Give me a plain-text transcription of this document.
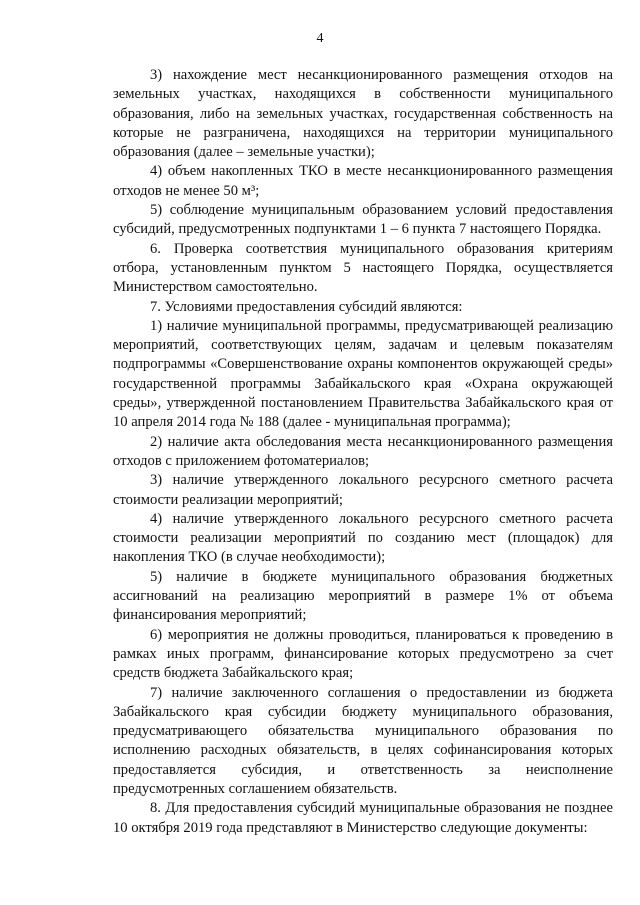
4

3) нахождение мест несанкционированного размещения отходов на земельных участках, находящихся в собственности муниципального образования, либо на земельных участках, государственная собственность на которые не разграничена, находящихся на территории муниципального образования (далее – земельные участки);

4) объем накопленных ТКО в месте несанкционированного размещения отходов не менее 50 м³;

5) соблюдение муниципальным образованием условий предоставления субсидий, предусмотренных подпунктами 1 – 6 пункта 7 настоящего Порядка.

6. Проверка соответствия муниципального образования критериям отбора, установленным пунктом 5 настоящего Порядка, осуществляется Министерством самостоятельно.

7. Условиями предоставления субсидий являются:

1) наличие муниципальной программы, предусматривающей реализацию мероприятий, соответствующих целям, задачам и целевым показателям подпрограммы «Совершенствование охраны компонентов окружающей среды» государственной программы Забайкальского края «Охрана окружающей среды», утвержденной постановлением Правительства Забайкальского края от 10 апреля 2014 года № 188 (далее - муниципальная программа);

2) наличие акта обследования места несанкционированного размещения отходов с приложением фотоматериалов;

3) наличие утвержденного локального ресурсного сметного расчета стоимости реализации мероприятий;

4) наличие утвержденного локального ресурсного сметного расчета стоимости реализации мероприятий по созданию мест (площадок) для накопления ТКО (в случае необходимости);

5) наличие в бюджете муниципального образования бюджетных ассигнований на реализацию мероприятий в размере 1% от объема финансирования мероприятий;

6) мероприятия не должны проводиться, планироваться к проведению в рамках иных программ, финансирование которых предусмотрено за счет средств бюджета Забайкальского края;

7) наличие заключенного соглашения о предоставлении из бюджета Забайкальского края субсидии бюджету муниципального образования, предусматривающего обязательства муниципального образования по исполнению расходных обязательств, в целях софинансирования которых предоставляется субсидия, и ответственность за неисполнение предусмотренных соглашением обязательств.

8. Для предоставления субсидий муниципальные образования не позднее 10 октября 2019 года представляют в Министерство следующие документы:
